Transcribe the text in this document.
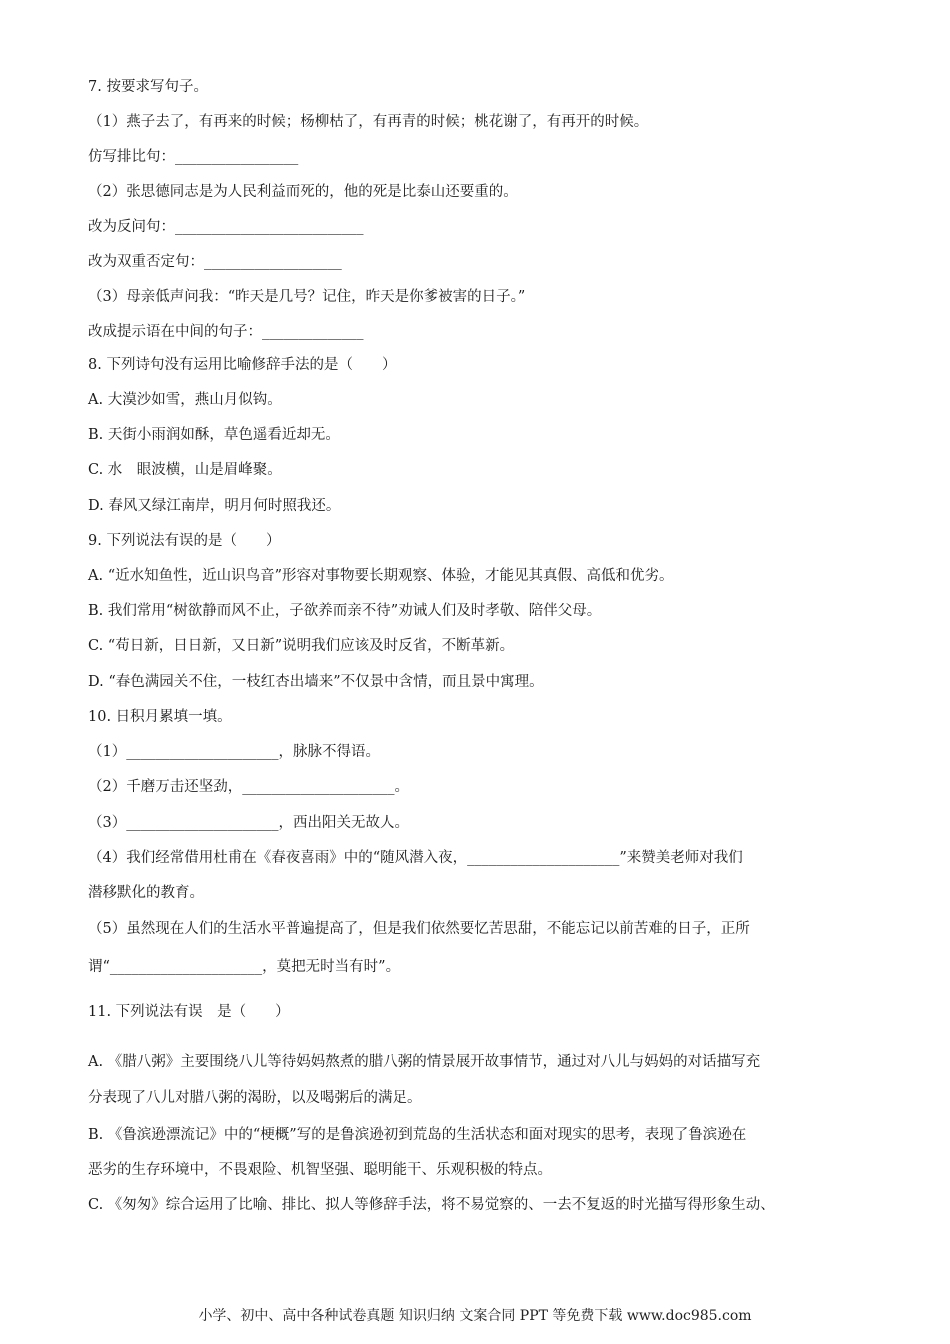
7. 按要求写句子。
（1）燕子去了，有再来的时候；杨柳枯了，有再青的时候；桃花谢了，有再开的时候。
仿写排比句：_________________
（2）张思德同志是为人民利益而死的，他的死是比泰山还要重的。
改为反问句：__________________________
改为双重否定句：___________________
（3）母亲低声问我：“昨天是几号？记住，昨天是你爹被害的日子。”
改成提示语在中间的句子：______________
8. 下列诗句没有运用比喻修辞手法的是（　　）
A. 大漠沙如雪，燕山月似钩。
B. 天街小雨润如酥，草色遥看近却无。
C. 水　眼波横，山是眉峰聚。
D. 春风又绿江南岸，明月何时照我还。
9. 下列说法有误的是（　　）
A. “近水知鱼性，近山识鸟音”形容对事物要长期观察、体验，才能见其真假、高低和优劣。
B. 我们常用“树欲静而风不止，子欲养而亲不待”劝诫人们及时孝敬、陪伴父母。
C. “苟日新，日日新，又日新”说明我们应该及时反省，不断革新。
D. “春色满园关不住，一枝红杏出墙来”不仅景中含情，而且景中寓理。
10. 日积月累填一填。
（1）_____________________，脉脉不得语。
（2）千磨万击还坚劲，_____________________。
（3）_____________________，西出阳关无故人。
（4）我们经常借用杜甫在《春夜喜雨》中的“随风潜入夜，_____________________”来赞美老师对我们
潜移默化的教育。
（5）虽然现在人们的生活水平普遍提高了，但是我们依然要忆苦思甜，不能忘记以前苦难的日子，正所
谓“_____________________，莫把无时当有时”。
11. 下列说法有误　是（　　）
A. 《腊八粥》主要围绕八儿等待妈妈熬煮的腊八粥的情景展开故事情节，通过对八儿与妈妈的对话描写充
分表现了八儿对腊八粥的渴盼，以及喝粥后的满足。
B. 《鲁滨逊漂流记》中的“梗概”写的是鲁滨逊初到荒岛的生活状态和面对现实的思考，表现了鲁滨逊在
恶劣的生存环境中，不畏艰险、机智坚强、聪明能干、乐观积极的特点。
C. 《匆匆》综合运用了比喻、排比、拟人等修辞手法，将不易觉察的、一去不复返的时光描写得形象生动、
小学、初中、高中各种试卷真题 知识归纳 文案合同 PPT 等免费下载 www.doc985.com
